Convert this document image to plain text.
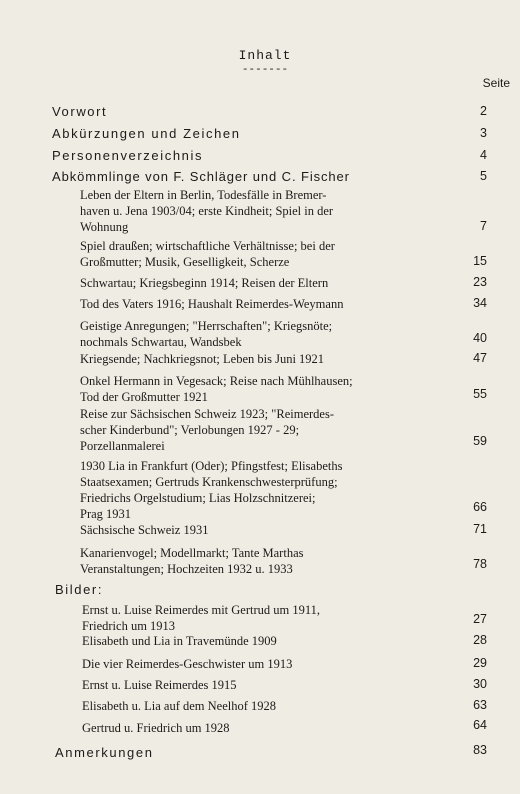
Inhalt
-------
Seite
Vorwort	2
Abkürzungen und Zeichen	3
Personenverzeichnis	4
Abkömmlinge von F. Schläger und C. Fischer	5
Leben der Eltern in Berlin, Todesfälle in Bremer-
haven u. Jena 1903/04; erste Kindheit; Spiel in der
Wohnung	7
Spiel draußen; wirtschaftliche Verhältnisse; bei der
Großmutter; Musik, Geselligkeit, Scherze	15
Schwartau; Kriegsbeginn 1914; Reisen der Eltern	23
Tod des Vaters 1916; Haushalt Reimerdes-Weymann	34
Geistige Anregungen; "Herrschaften"; Kriegsnöte;
nochmals Schwartau, Wandsbek	40
Kriegsende; Nachkriegsnot; Leben bis Juni 1921	47
Onkel Hermann in Vegesack; Reise nach Mühlhausen;
Tod der Großmutter 1921	55
Reise zur Sächsischen Schweiz 1923; "Reimerdes-
scher Kinderbund"; Verlobungen 1927 - 29;
Porzellanmalerei	59
1930 Lia in Frankfurt (Oder); Pfingstfest; Elisabeths
Staatsexamen; Gertruds Krankenschwesterprüfung;
Friedrichs Orgelstudium; Lias Holzschnitzerei;
Prag 1931	66
Sächsische Schweiz 1931	71
Kanarienvogel; Modellmarkt; Tante Marthas
Veranstaltungen; Hochzeiten 1932 u. 1933	78
Bilder:
Ernst u. Luise Reimerdes mit Gertrud um 1911,
Friedrich um 1913	27
Elisabeth und Lia in Travemünde 1909	28
Die vier Reimerdes-Geschwister um 1913	29
Ernst u. Luise Reimerdes 1915	30
Elisabeth u. Lia auf dem Neelhof 1928	63
Gertrud u. Friedrich um 1928	64
Anmerkungen	83
